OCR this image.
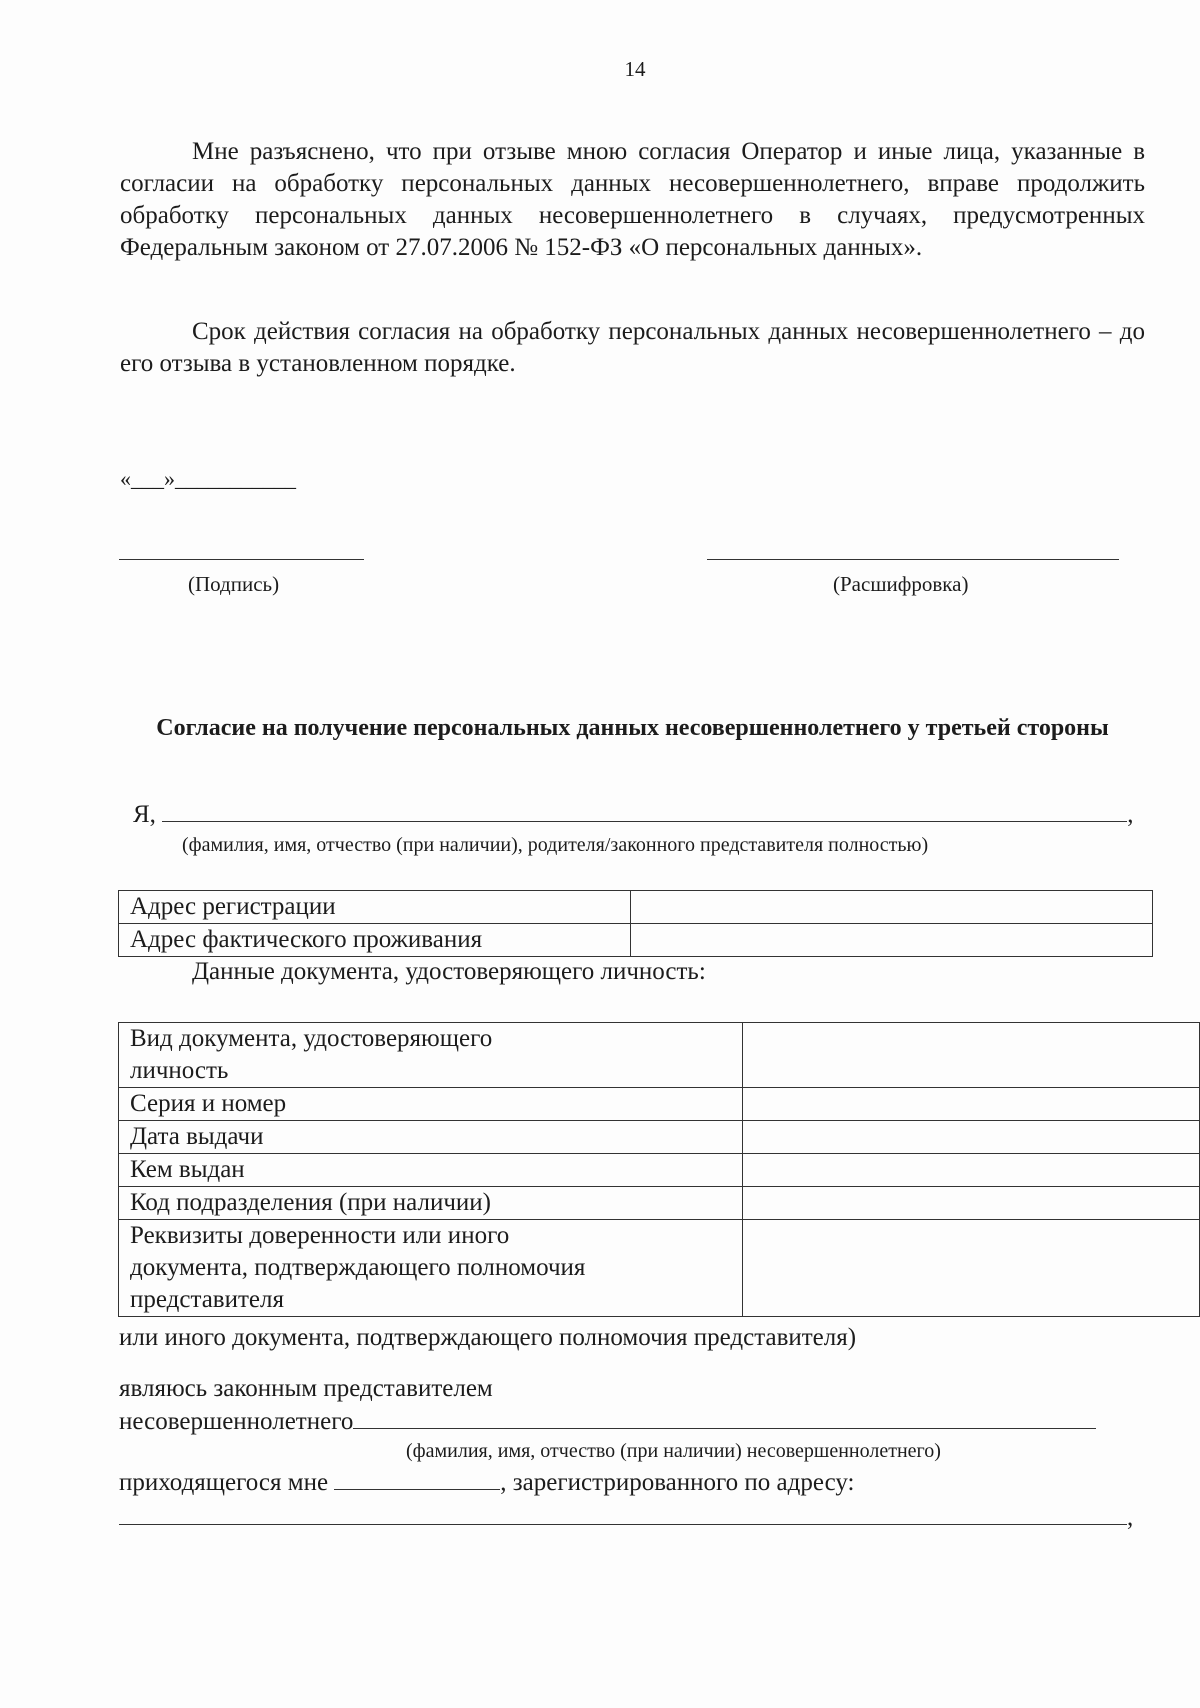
14

Мне разъяснено, что при отзыве мною согласия Оператор и иные лица, указанные в согласии на обработку персональных данных несовершеннолетнего, вправе продолжить обработку персональных данных несовершеннолетнего в случаях, предусмотренных Федеральным законом от 27.07.2006 № 152-ФЗ «О персональных данных».

Срок действия согласия на обработку персональных данных несовершеннолетнего – до его отзыва в установленном порядке.

«___»___________
(Подпись)	(Расшифровка)
Согласие на получение персональных данных несовершеннолетнего у третьей стороны
Я,	,
(фамилия, имя, отчество (при наличии), родителя/законного представителя полностью)
Адрес регистрации	
Адрес фактического проживания	
Данные документа, удостоверяющего личность:
Вид документа, удостоверяющего личность	
Серия и номер	
Дата выдачи	
Кем выдан	
Код подразделения (при наличии)	
Реквизиты доверенности или иного документа, подтверждающего полномочия представителя	
или иного документа, подтверждающего полномочия представителя)
являюсь законным представителем
несовершеннолетнего
(фамилия, имя, отчество (при наличии) несовершеннолетнего)
приходящегося мне	, зарегистрированного по адресу:
,
